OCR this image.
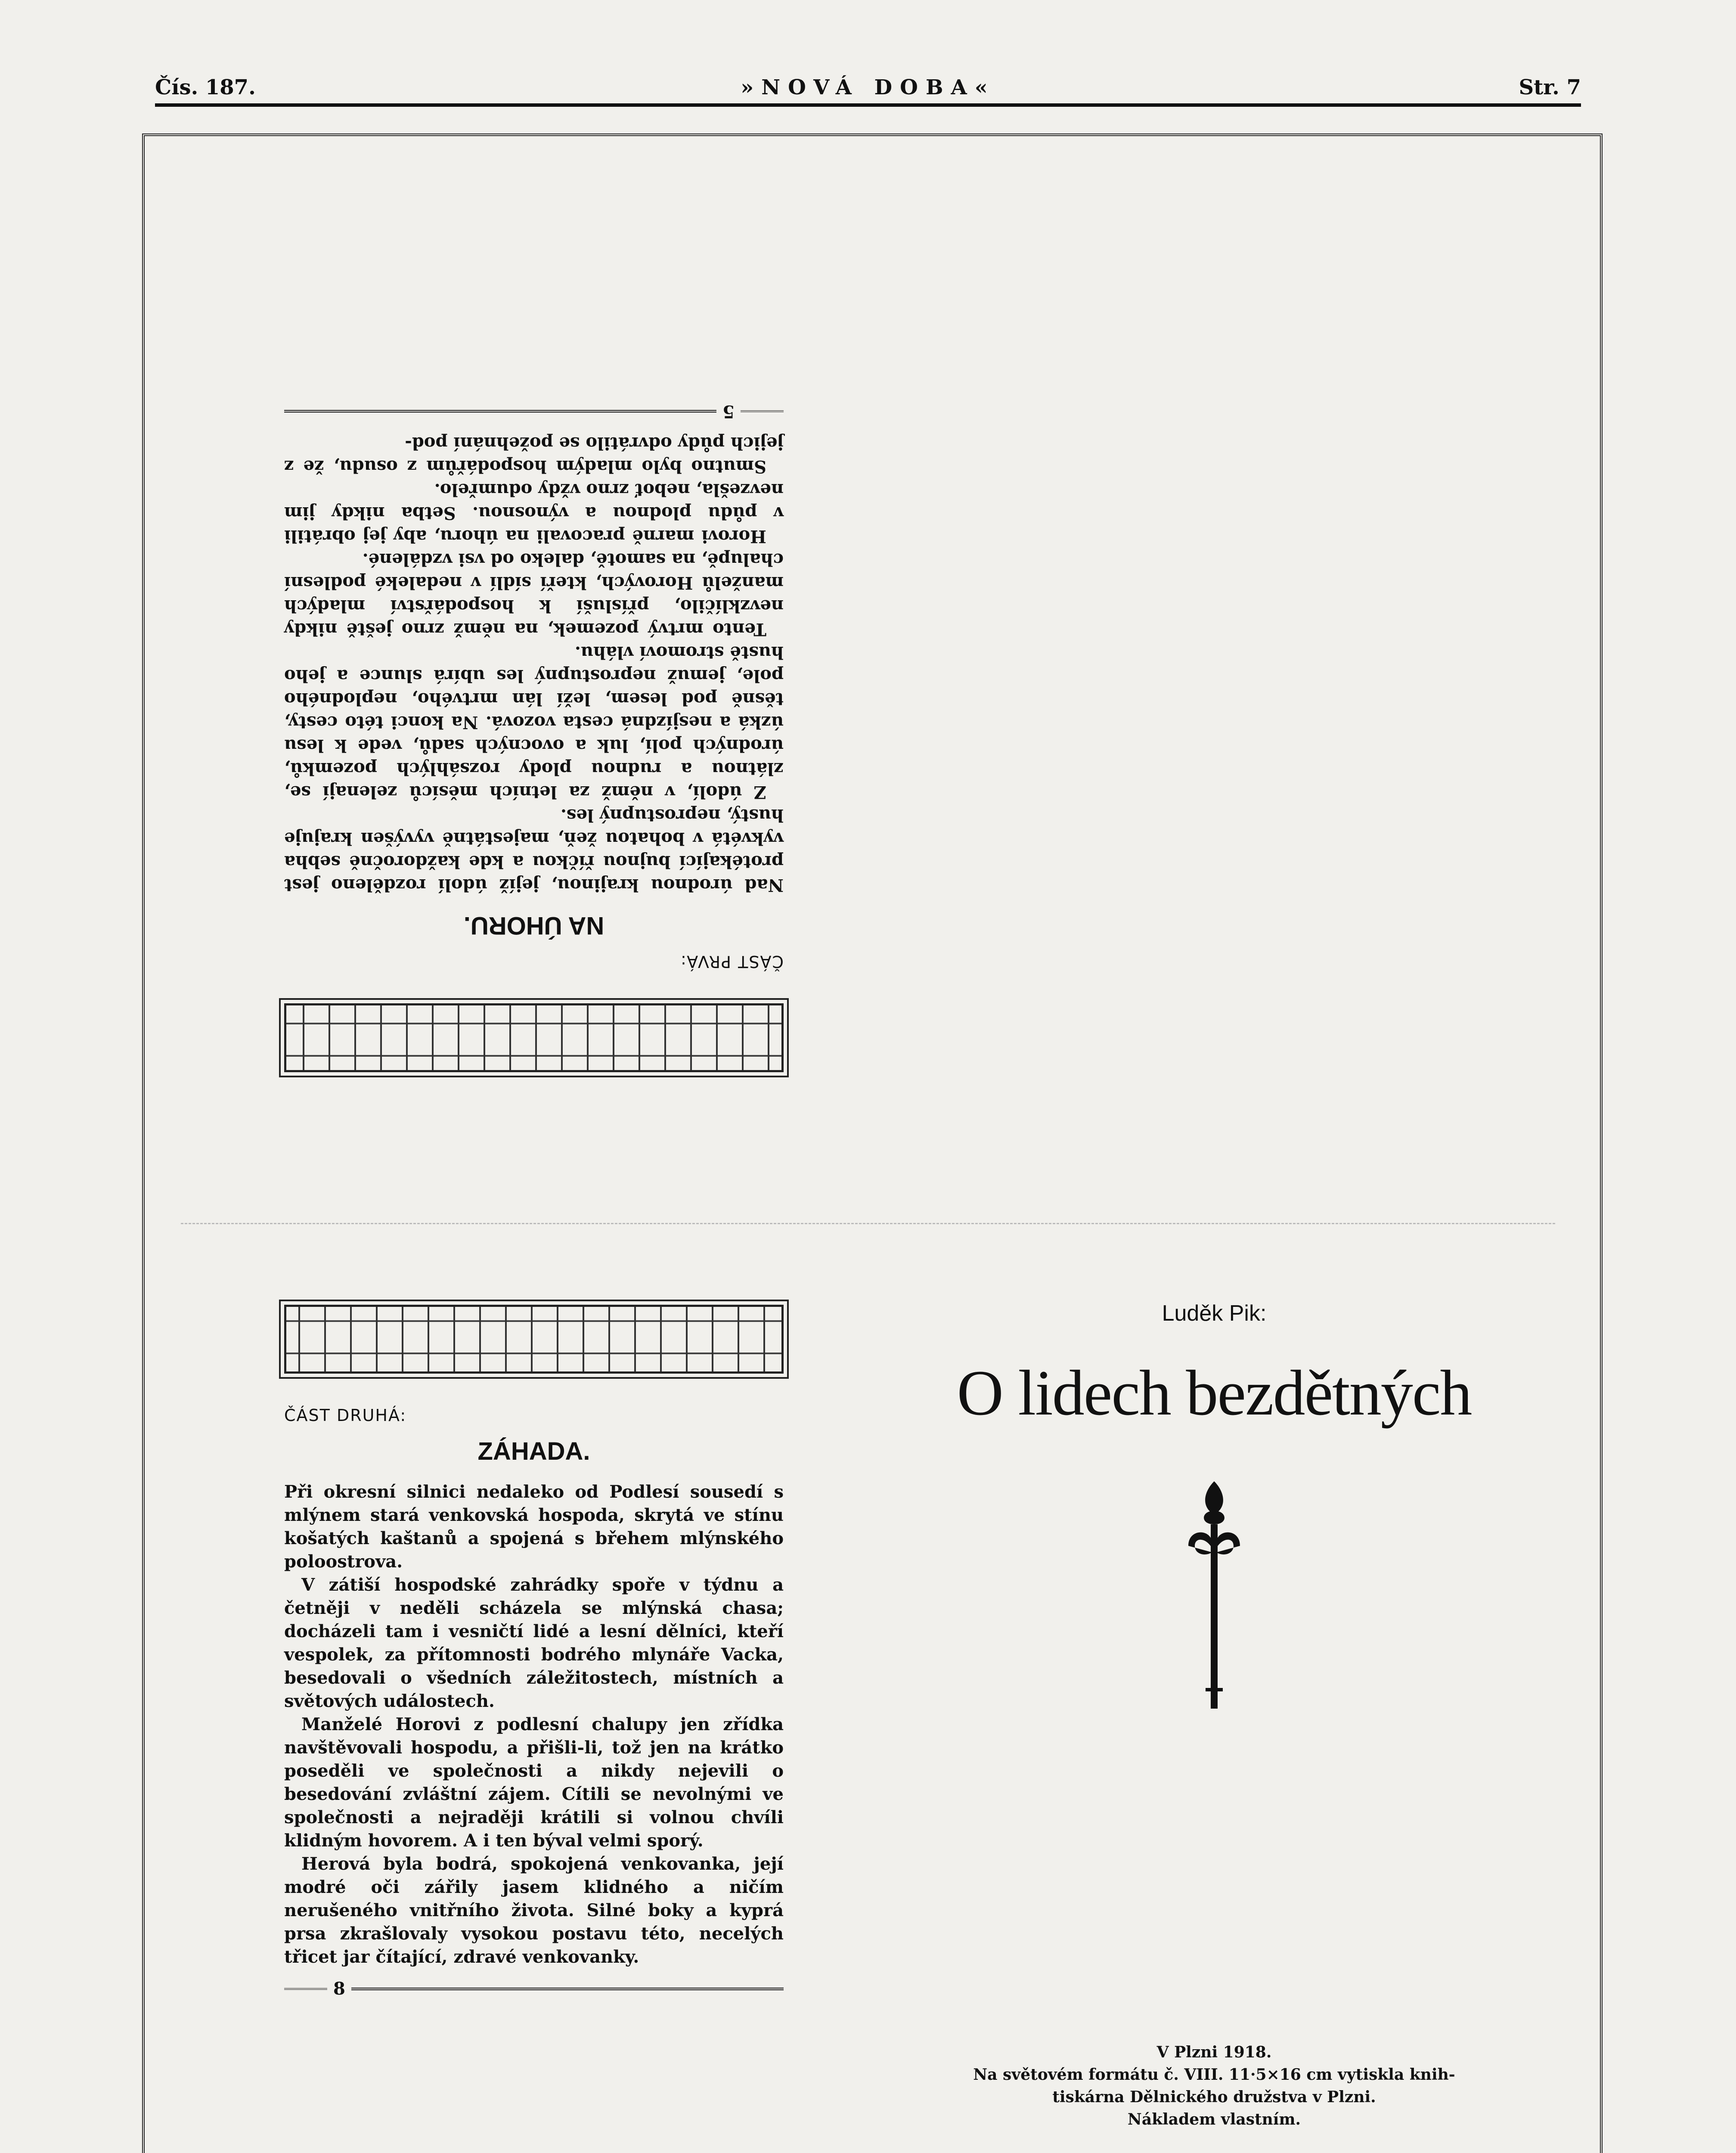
Čís. 187.	»NOVÁ DOBA«	Str. 7
ČÁST PRVÁ:
NA ÚHORU.

Nad úrodnou krajinou, jejíž údolí rozděleno jest protékající bujnou říčkou a kde každoročně sebha vykvétá v bohatou žeň, majestátně vyvýšen krajuje hustý, neprostupný les.

Z údolí, v němž za letních měsíců zelenají se, zlátnou a rudnou plody rozsáhlých pozemků, úrodných polí, luk a ovocných sadů, vede k lesu úzká a nesjízdná cesta vozová. Na konci této cesty, těsně pod lesem, leží lán mrtvého, neplodného pole, jemuž neprostupný les ubírá slunce a jeho hustě stromoví vláhu.

Tento mrtvý pozemek, na němž zrno ještě nikdy nevzklíčilo, přísluší k hospodářství mladých manželů Horových, kteří sídlí v nedaleké podlesní chalupě, na samotě, daleko od vsi vzdálené.

Horovi marně pracovali na úhoru, aby jej obrátili v půdu plodnou a výnosnou. Setba nikdy jim nevzešla, neboť zrno vždy odumřelo.

Smutno bylo mladým hospodářům z osudu, že z jejich půdy odvrátilo se požehnání pod-

5
ČÁST DRUHÁ:
ZÁHADA.

Při okresní silnici nedaleko od Podlesí sousedí s mlýnem stará venkovská hospoda, skrytá ve stínu košatých kaštanů a spojená s břehem mlýnského poloostrova.

V zátiší hospodské zahrádky spoře v týdnu a četněji v neděli scházela se mlýnská chasa; docházeli tam i vesničtí lidé a lesní dělníci, kteří vespolek, za přítomnosti bodrého mlynáře Vacka, besedovali o všedních záležitostech, místních a světových událostech.

Manželé Horovi z podlesní chalupy jen zřídka navštěvovali hospodu, a přišli-li, tož jen na krátko poseděli ve společnosti a nikdy nejevili o besedování zvláštní zájem. Cítili se nevolnými ve společnosti a nejraději krátili si volnou chvíli klidným hovorem. A i ten býval velmi sporý.

Herová byla bodrá, spokojená venkovanka, její modré oči zářily jasem klidného a ničím nerušeného vnitřního života. Silné boky a kyprá prsa zkrašlovaly vysokou postavu této, necelých třicet jar čítající, zdravé venkovanky.

8
Luděk Pik:
O lidech bezdětných
V Plzni 1918.
Na světovém formátu č. VIII. 11·5×16 cm vytiskla knih-
tiskárna Dělnického družstva v Plzni.
Nákladem vlastním.
